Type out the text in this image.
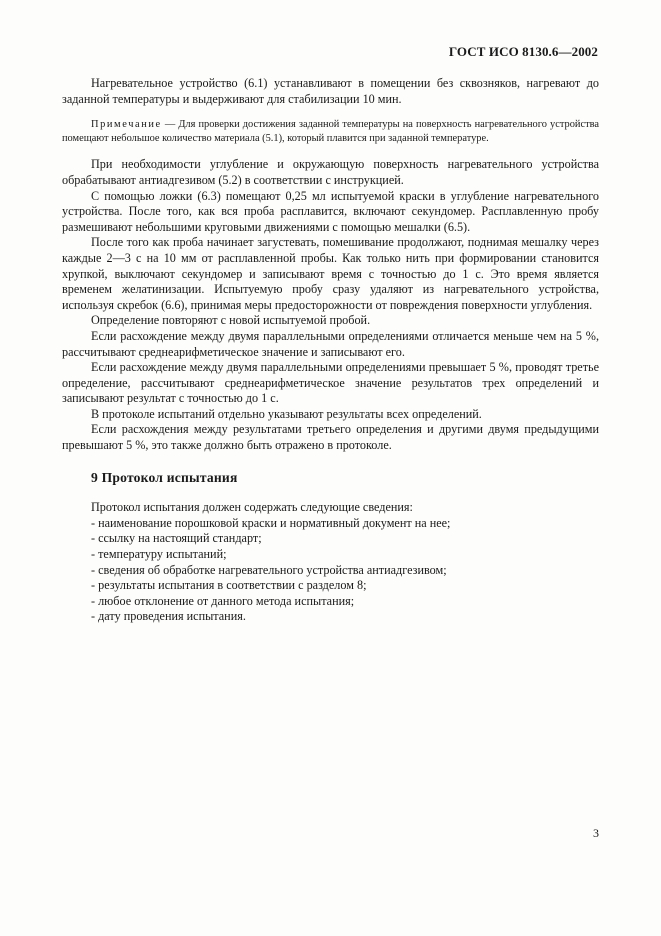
ГОСТ ИСО 8130.6—2002

Нагревательное устройство (6.1) устанавливают в помещении без сквозняков, нагревают до заданной температуры и выдерживают для стабилизации 10 мин.

Примечание — Для проверки достижения заданной температуры на поверхность нагревательного устройства помещают небольшое количество материала (5.1), который плавится при заданной температуре.

При необходимости углубление и окружающую поверхность нагревательного устройства обрабатывают антиадгезивом (5.2) в соответствии с инструкцией.

С помощью ложки (6.3) помещают 0,25 мл испытуемой краски в углубление нагревательного устройства. После того, как вся проба расплавится, включают секундомер. Расплавленную пробу размешивают небольшими круговыми движениями с помощью мешалки (6.5).

После того как проба начинает загустевать, помешивание продолжают, поднимая мешалку через каждые 2—3 с на 10 мм от расплавленной пробы. Как только нить при формировании становится хрупкой, выключают секундомер и записывают время с точностью до 1 с. Это время является временем желатинизации. Испытуемую пробу сразу удаляют из нагревательного устройства, используя скребок (6.6), принимая меры предосторожности от повреждения поверхности углубления.

Определение повторяют с новой испытуемой пробой.

Если расхождение между двумя параллельными определениями отличается меньше чем на 5 %, рассчитывают среднеарифметическое значение и записывают его.

Если расхождение между двумя параллельными определениями превышает 5 %, проводят третье определение, рассчитывают среднеарифметическое значение результатов трех определений и записывают результат с точностью до 1 с.

В протоколе испытаний отдельно указывают результаты всех определений.

Если расхождения между результатами третьего определения и другими двумя предыдущими превышают 5 %, это также должно быть отражено в протоколе.

9 Протокол испытания

Протокол испытания должен содержать следующие сведения:

- наименование порошковой краски и нормативный документ на нее;
- ссылку на настоящий стандарт;
- температуру испытаний;
- сведения об обработке нагревательного устройства антиадгезивом;
- результаты испытания в соответствии с разделом 8;
- любое отклонение от данного метода испытания;
- дату проведения испытания.
3
